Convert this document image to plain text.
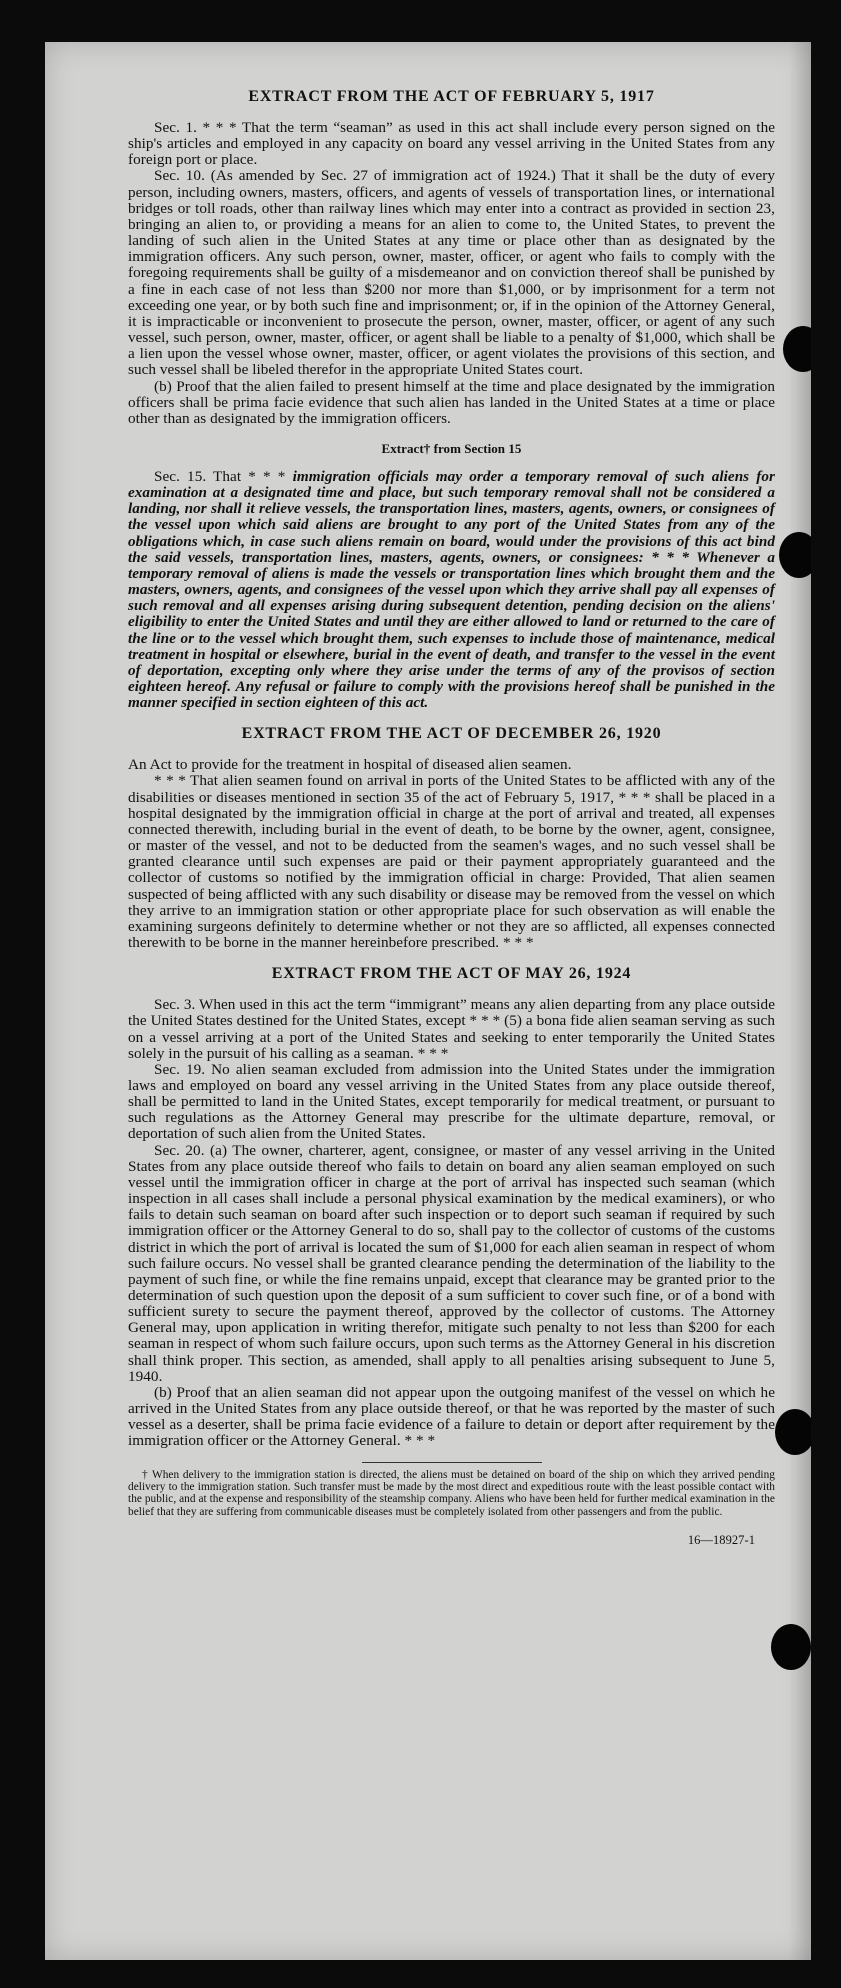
EXTRACT FROM THE ACT OF FEBRUARY 5, 1917

Sec. 1. * * * That the term “seaman” as used in this act shall include every person signed on the ship's articles and employed in any capacity on board any vessel arriving in the United States from any foreign port or place.

Sec. 10. (As amended by Sec. 27 of immigration act of 1924.) That it shall be the duty of every person, including owners, masters, officers, and agents of vessels of transportation lines, or international bridges or toll roads, other than railway lines which may enter into a contract as provided in section 23, bringing an alien to, or providing a means for an alien to come to, the United States, to prevent the landing of such alien in the United States at any time or place other than as designated by the immigration officers. Any such person, owner, master, officer, or agent who fails to comply with the foregoing requirements shall be guilty of a misdemeanor and on conviction thereof shall be punished by a fine in each case of not less than $200 nor more than $1,000, or by imprisonment for a term not exceeding one year, or by both such fine and imprisonment; or, if in the opinion of the Attorney General, it is impracticable or inconvenient to prosecute the person, owner, master, officer, or agent of any such vessel, such person, owner, master, officer, or agent shall be liable to a penalty of $1,000, which shall be a lien upon the vessel whose owner, master, officer, or agent violates the provisions of this section, and such vessel shall be libeled therefor in the appropriate United States court.

(b) Proof that the alien failed to present himself at the time and place designated by the immigration officers shall be prima facie evidence that such alien has landed in the United States at a time or place other than as designated by the immigration officers.

Extract† from Section 15

Sec. 15. That * * * immigration officials may order a temporary removal of such aliens for examination at a designated time and place, but such temporary removal shall not be considered a landing, nor shall it relieve vessels, the transportation lines, masters, agents, owners, or consignees of the vessel upon which said aliens are brought to any port of the United States from any of the obligations which, in case such aliens remain on board, would under the provisions of this act bind the said vessels, transportation lines, masters, agents, owners, or consignees: * * * Whenever a temporary removal of aliens is made the vessels or transportation lines which brought them and the masters, owners, agents, and consignees of the vessel upon which they arrive shall pay all expenses of such removal and all expenses arising during subsequent detention, pending decision on the aliens' eligibility to enter the United States and until they are either allowed to land or returned to the care of the line or to the vessel which brought them, such expenses to include those of maintenance, medical treatment in hospital or elsewhere, burial in the event of death, and transfer to the vessel in the event of deportation, excepting only where they arise under the terms of any of the provisos of section eighteen hereof. Any refusal or failure to comply with the provisions hereof shall be punished in the manner specified in section eighteen of this act.

EXTRACT FROM THE ACT OF DECEMBER 26, 1920

An Act to provide for the treatment in hospital of diseased alien seamen.

* * * That alien seamen found on arrival in ports of the United States to be afflicted with any of the disabilities or diseases mentioned in section 35 of the act of February 5, 1917, * * * shall be placed in a hospital designated by the immigration official in charge at the port of arrival and treated, all expenses connected therewith, including burial in the event of death, to be borne by the owner, agent, consignee, or master of the vessel, and not to be deducted from the seamen's wages, and no such vessel shall be granted clearance until such expenses are paid or their payment appropriately guaranteed and the collector of customs so notified by the immigration official in charge: Provided, That alien seamen suspected of being afflicted with any such disability or disease may be removed from the vessel on which they arrive to an immigration station or other appropriate place for such observation as will enable the examining surgeons definitely to determine whether or not they are so afflicted, all expenses connected therewith to be borne in the manner hereinbefore prescribed. * * *

EXTRACT FROM THE ACT OF MAY 26, 1924

Sec. 3. When used in this act the term “immigrant” means any alien departing from any place outside the United States destined for the United States, except * * * (5) a bona fide alien seaman serving as such on a vessel arriving at a port of the United States and seeking to enter temporarily the United States solely in the pursuit of his calling as a seaman. * * *

Sec. 19. No alien seaman excluded from admission into the United States under the immigration laws and employed on board any vessel arriving in the United States from any place outside thereof, shall be permitted to land in the United States, except temporarily for medical treatment, or pursuant to such regulations as the Attorney General may prescribe for the ultimate departure, removal, or deportation of such alien from the United States.

Sec. 20. (a) The owner, charterer, agent, consignee, or master of any vessel arriving in the United States from any place outside thereof who fails to detain on board any alien seaman employed on such vessel until the immigration officer in charge at the port of arrival has inspected such seaman (which inspection in all cases shall include a personal physical examination by the medical examiners), or who fails to detain such seaman on board after such inspection or to deport such seaman if required by such immigration officer or the Attorney General to do so, shall pay to the collector of customs of the customs district in which the port of arrival is located the sum of $1,000 for each alien seaman in respect of whom such failure occurs. No vessel shall be granted clearance pending the determination of the liability to the payment of such fine, or while the fine remains unpaid, except that clearance may be granted prior to the determination of such question upon the deposit of a sum sufficient to cover such fine, or of a bond with sufficient surety to secure the payment thereof, approved by the collector of customs. The Attorney General may, upon application in writing therefor, mitigate such penalty to not less than $200 for each seaman in respect of whom such failure occurs, upon such terms as the Attorney General in his discretion shall think proper. This section, as amended, shall apply to all penalties arising subsequent to June 5, 1940.

(b) Proof that an alien seaman did not appear upon the outgoing manifest of the vessel on which he arrived in the United States from any place outside thereof, or that he was reported by the master of such vessel as a deserter, shall be prima facie evidence of a failure to detain or deport after requirement by the immigration officer or the Attorney General. * * *

† When delivery to the immigration station is directed, the aliens must be detained on board of the ship on which they arrived pending delivery to the immigration station. Such transfer must be made by the most direct and expeditious route with the least possible contact with the public, and at the expense and responsibility of the steamship company. Aliens who have been held for further medical examination in the belief that they are suffering from communicable diseases must be completely isolated from other passengers and from the public.

16—18927-1
